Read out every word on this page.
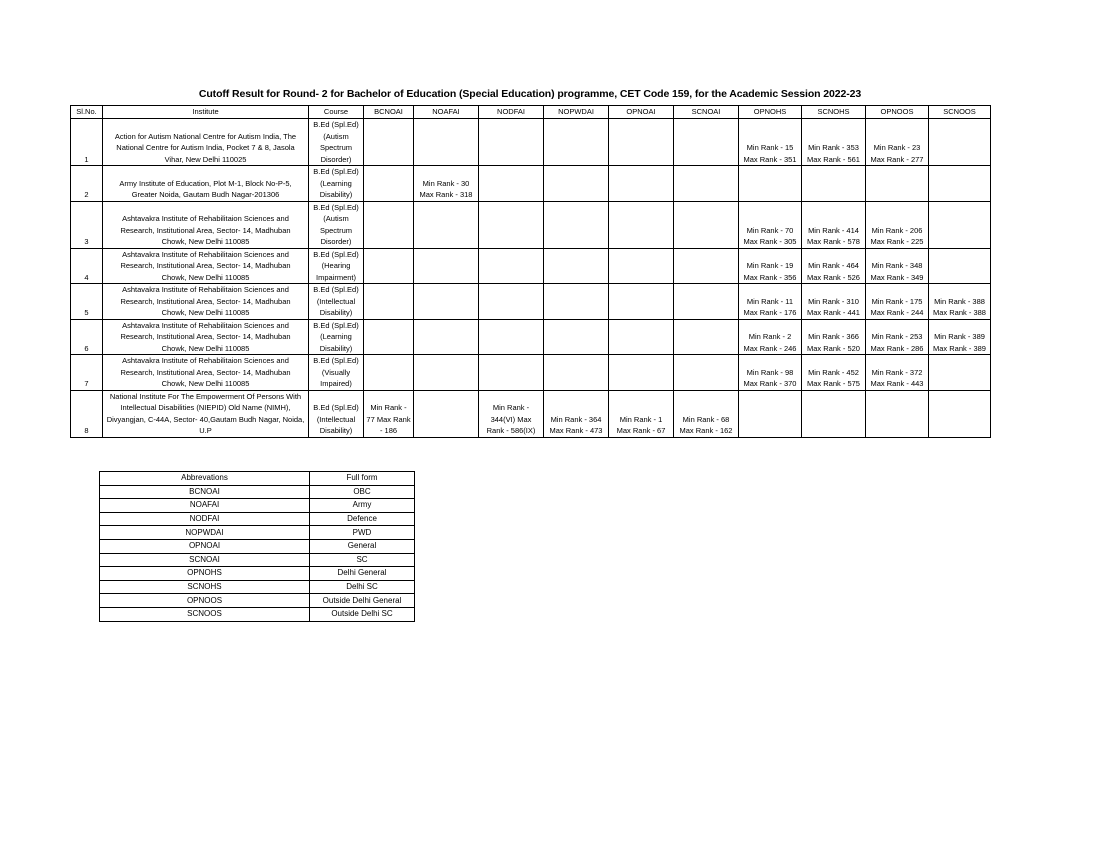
Cutoff Result for Round- 2 for Bachelor of Education (Special Education) programme, CET Code 159, for the Academic Session 2022-23
Sl.No.	Institute	Course	BCNOAI	NOAFAI	NODFAI	NOPWDAI	OPNOAI	SCNOAI	OPNOHS	SCNOHS	OPNOOS	SCNOOS
1	Action for Autism National Centre for Autism India, The
National Centre for Autism India, Pocket 7 & 8, Jasola
Vihar, New Delhi 110025	B.Ed (Spl.Ed)
(Autism
Spectrum
Disorder)							Min Rank - 15
Max Rank - 351	Min Rank - 353
Max Rank - 561	Min Rank - 23
Max Rank - 277	

2	Army Institute of Education, Plot M-1, Block No-P-5,
Greater Noida, Gautam Budh Nagar-201306	B.Ed (Spl.Ed)
(Learning
Disability)		Min Rank - 30
Max Rank - 318								

3	Ashtavakra Institute of Rehabilitaion Sciences and
Research, Institutional Area, Sector- 14, Madhuban
Chowk, New Delhi 110085	B.Ed (Spl.Ed)
(Autism
Spectrum
Disorder)							Min Rank - 70
Max Rank - 305	Min Rank - 414
Max Rank - 578	Min Rank - 206
Max Rank - 225	

4	Ashtavakra Institute of Rehabilitaion Sciences and
Research, Institutional Area, Sector- 14, Madhuban
Chowk, New Delhi 110085	B.Ed (Spl.Ed)
(Hearing
Impairment)							Min Rank - 19
Max Rank - 356	Min Rank - 464
Max Rank - 526	Min Rank - 348
Max Rank - 349	

5	Ashtavakra Institute of Rehabilitaion Sciences and
Research, Institutional Area, Sector- 14, Madhuban
Chowk, New Delhi 110085	B.Ed (Spl.Ed)
(Intellectual
Disability)							Min Rank - 11
Max Rank - 176	Min Rank - 310
Max Rank - 441	Min Rank - 175
Max Rank - 244	Min Rank - 388
Max Rank - 388

6	Ashtavakra Institute of Rehabilitaion Sciences and
Research, Institutional Area, Sector- 14, Madhuban
Chowk, New Delhi 110085	B.Ed (Spl.Ed)
(Learning
Disability)							Min Rank - 2
Max Rank - 246	Min Rank - 366
Max Rank - 520	Min Rank - 253
Max Rank - 286	Min Rank - 389
Max Rank - 389

7	Ashtavakra Institute of Rehabilitaion Sciences and
Research, Institutional Area, Sector- 14, Madhuban
Chowk, New Delhi 110085	B.Ed (Spl.Ed)
(Visually
Impaired)							Min Rank - 98
Max Rank - 370	Min Rank - 452
Max Rank - 575	Min Rank - 372
Max Rank - 443	

8	National Institute For The Empowerment Of Persons With
Intellectual Disabilities (NIEPID) Old Name (NIMH),
Divyangjan, C-44A, Sector- 40,Gautam Budh Nagar, Noida,
U.P	B.Ed (Spl.Ed)
(Intellectual
Disability)	Min Rank -
77 Max Rank
- 186		Min Rank -
344(VI) Max
Rank - 586(IX)	Min Rank - 364
Max Rank - 473	Min Rank - 1
Max Rank - 67	Min Rank - 68
Max Rank - 162				

Abbrevations	Full form
BCNOAI	OBC
NOAFAI	Army
NODFAI	Defence
NOPWDAI	PWD
OPNOAI	General
SCNOAI	SC
OPNOHS	Delhi General
SCNOHS	Delhi SC
OPNOOS	Outside Delhi General
SCNOOS	Outside Delhi SC
